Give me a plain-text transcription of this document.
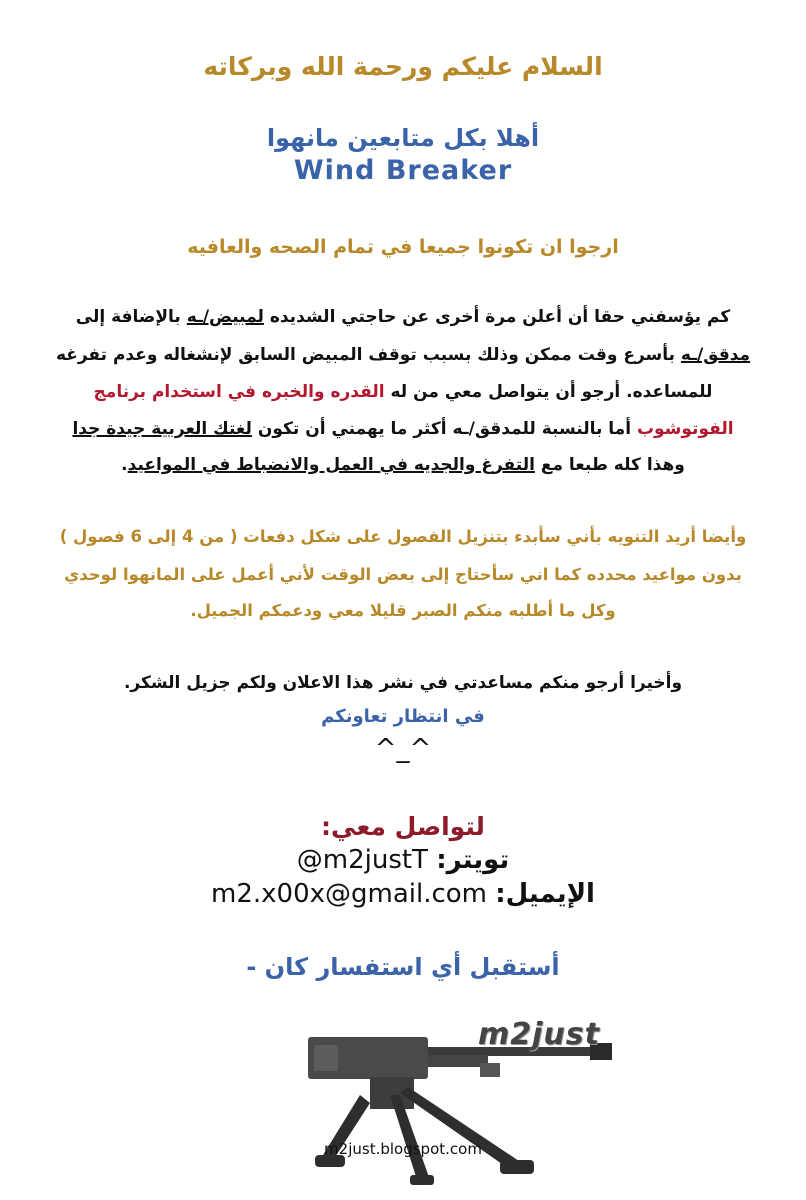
السلام عليكم ورحمة الله وبركاته
أهلا بكل متابعين مانهوا
Wind Breaker
ارجوا ان تكونوا جميعا في تمام الصحه والعافيه
كم يؤسفني حقا أن أعلن مرة أخرى عن حاجتي الشديده لمبيض/ـه بالإضافة إلى
مدقق/ـه بأسرع وقت ممكن وذلك بسبب توقف المبيض السابق لإنشغاله وعدم تفرغه
للمساعده. أرجو أن يتواصل معي من له القدره والخبره في استخدام برنامج
الفوتوشوب أما بالنسبة للمدقق/ـه أكثر ما يهمني أن تكون لغتك العربية جيدة جدا
وهذا كله طبعا مع التفرغ والجديه في العمل والانضباط في المواعيد.
وأيضا أريد التنويه بأني سأبدء بتنزيل الفصول على شكل دفعات ( من 4 إلى 6 فصول )
بدون مواعيد محدده كما اني سأحتاج إلى بعض الوقت لأني أعمل على المانهوا لوحدي
وكل ما أطلبه منكم الصبر قليلا معي ودعمكم الجميل.
وأخيرا أرجو منكم مساعدتي في نشر هذا الاعلان ولكم جزيل الشكر.
في انتظار تعاونكم
^_^
لتواصل معي:
تويتر: m2justT@
الإيميل: m2.x00x@gmail.com
أستقبل أي استفسار كان -
m2just
m2just.blogspot.com
